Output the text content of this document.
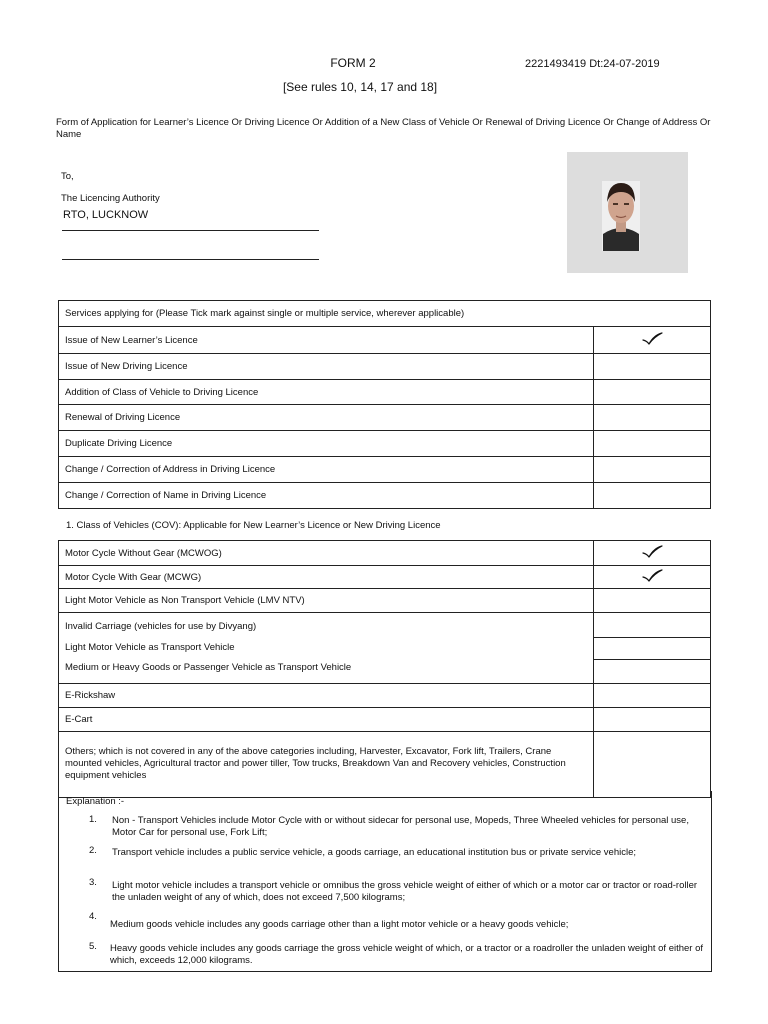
FORM 2	2221493419 Dt:24-07-2019
[See rules 10, 14, 17 and 18]
Form of Application for Learner’s Licence Or Driving Licence Or Addition of a New Class of Vehicle Or Renewal of Driving Licence Or Change of Address Or Name
To,
The Licencing Authority
RTO, LUCKNOW
Services applying for (Please Tick mark against single or multiple service, wherever applicable)	
Issue of New Learner’s Licence	
Issue of New Driving Licence	
Addition of Class of Vehicle to Driving Licence	
Renewal of Driving Licence	
Duplicate Driving Licence	
Change / Correction of Address in Driving Licence	
Change / Correction of Name in Driving Licence	
1. Class of Vehicles (COV): Applicable for New Learner’s Licence or New Driving Licence
Motor Cycle Without Gear (MCWOG)	
Motor Cycle With Gear (MCWG)	
Light Motor Vehicle as Non Transport Vehicle (LMV NTV)	

Invalid Carriage (vehicles for use by Divyang)
Light Motor Vehicle as Transport Vehicle
Medium or Heavy Goods or Passenger Vehicle as Transport Vehicle	

E-Rickshaw	
E-Cart	
Others; which is not covered in any of the above categories including, Harvester, Excavator, Fork lift, Trailers, Crane mounted vehicles, Agricultural tractor and power tiller, Tow trucks, Breakdown Van and Recovery vehicles, Construction equipment vehicles	
Explanation :-
1. Non - Transport Vehicles include Motor Cycle with or without sidecar for personal use, Mopeds, Three Wheeled vehicles for personal use, Motor Car for personal use, Fork Lift;
2. Transport vehicle includes a public service vehicle, a goods carriage, an educational institution bus or private service vehicle;
3. Light motor vehicle includes a transport vehicle or omnibus the gross vehicle weight of either of which or a motor car or tractor or road-roller the unladen weight of any of which, does not exceed 7,500 kilograms;
4.
Medium goods vehicle includes any goods carriage other than a light motor vehicle or a heavy goods vehicle;
5. Heavy goods vehicle includes any goods carriage the gross vehicle weight of which, or a tractor or a roadroller the unladen weight of either of which, exceeds 12,000 kilograms.
